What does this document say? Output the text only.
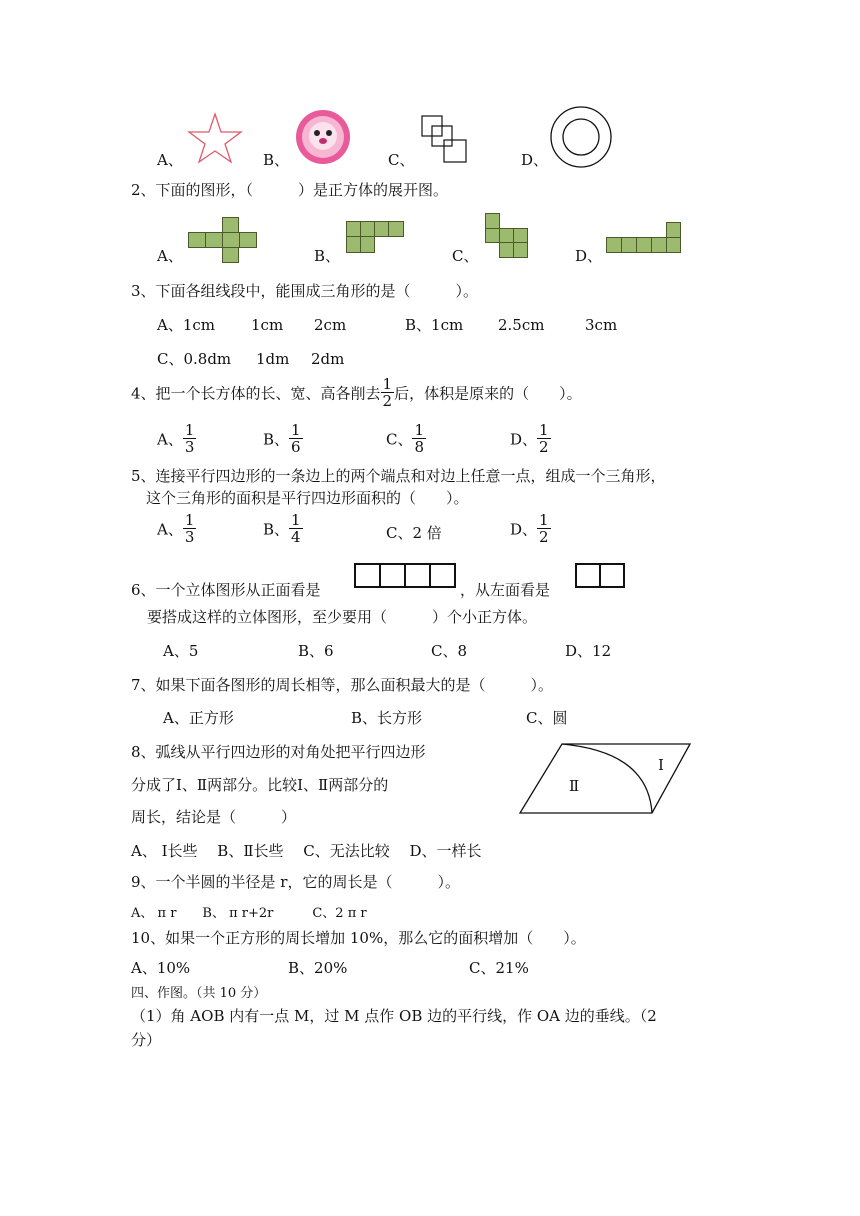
A、	B、	C、	D、
2、下面的图形，（　　　）是正方体的展开图。
A、	B、	C、	D、
3、下面各组线段中，能围成三角形的是（　　　）。
A、1cm 1cm 2cm	B、1cm 2.5cm	3cm
C、0.8dm 1dm 2dm
4、把一个长方体的长、宽、高各削去 $\frac{1}{2}$ 后，体积是原来的（　　）。
A、 $\frac{1}{3}$	B、 $\frac{1}{6}$	C、 $\frac{1}{8}$	D、 $\frac{1}{2}$
5、连接平行四边形的一条边上的两个端点和对边上任意一点，组成一个三角形，
这个三角形的面积是平行四边形面积的（　　）。
A、 $\frac{1}{3}$	B、 $\frac{1}{4}$	C、2 倍	D、 $\frac{1}{2}$
6、一个立体图形从正面看是	，从左面看是
要搭成这样的立体图形，至少要用（　　　）个小正方体。
A、5	B、6	C、8	D、12
7、如果下面各图形的周长相等，那么面积最大的是（　　　）。
A、正方形	B、长方形	C、圆
8、弧线从平行四边形的对角处把平行四边形
分成了Ⅰ、Ⅱ两部分。比较Ⅰ、Ⅱ两部分的
周长，结论是（　　　）
Ⅱ
Ⅰ
A、 Ⅰ长些　 B、Ⅱ长些　 C、无法比较　 D、一样长
9、一个半圆的半径是 r，它的周长是（　　　）。
A、 π r　　B、 π r+2r　　　C、2 π r
10、如果一个正方形的周长增加 10%，那么它的面积增加（　　）。
A、10%	B、20%	C、21%
四、作图。（共 10 分）
（1）角 AOB 内有一点 M，过 M 点作 OB 边的平行线，作 OA 边的垂线。（2
分）
